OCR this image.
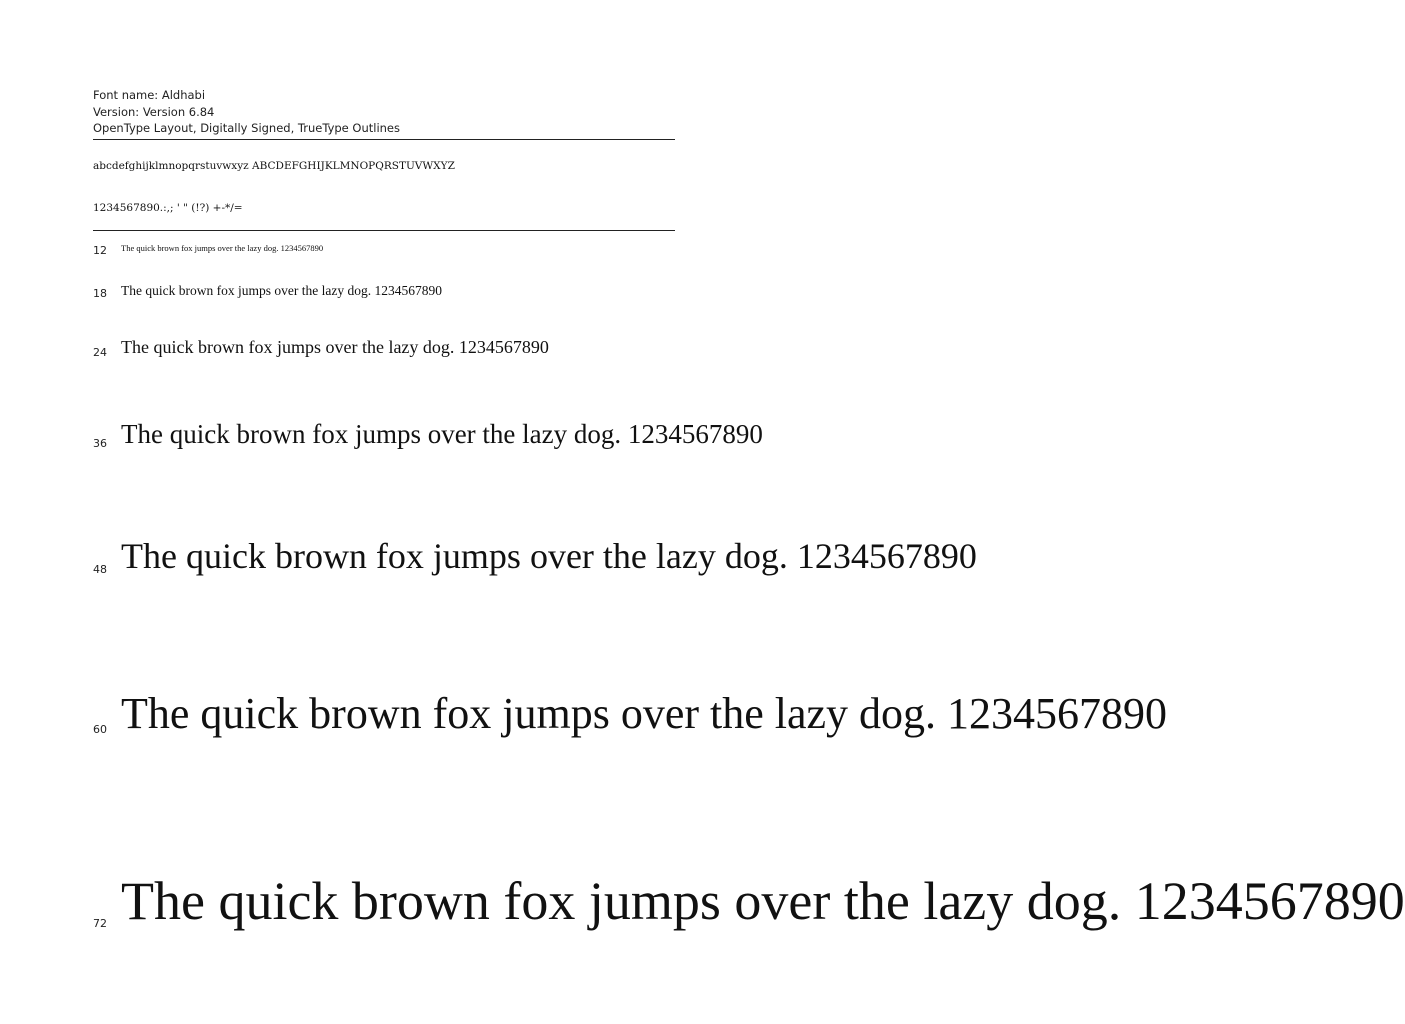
Font name: Aldhabi
Version: Version 6.84
OpenType Layout, Digitally Signed, TrueType Outlines
abcdefghijklmnopqrstuvwxyz ABCDEFGHIJKLMNOPQRSTUVWXYZ
1234567890.:,; ' " (!?) +-*/=
12 The quick brown fox jumps over the lazy dog. 1234567890
18 The quick brown fox jumps over the lazy dog. 1234567890
24 The quick brown fox jumps over the lazy dog. 1234567890
36 The quick brown fox jumps over the lazy dog. 1234567890
48 The quick brown fox jumps over the lazy dog. 1234567890
60 The quick brown fox jumps over the lazy dog. 1234567890
72 The quick brown fox jumps over the lazy dog. 1234567890
